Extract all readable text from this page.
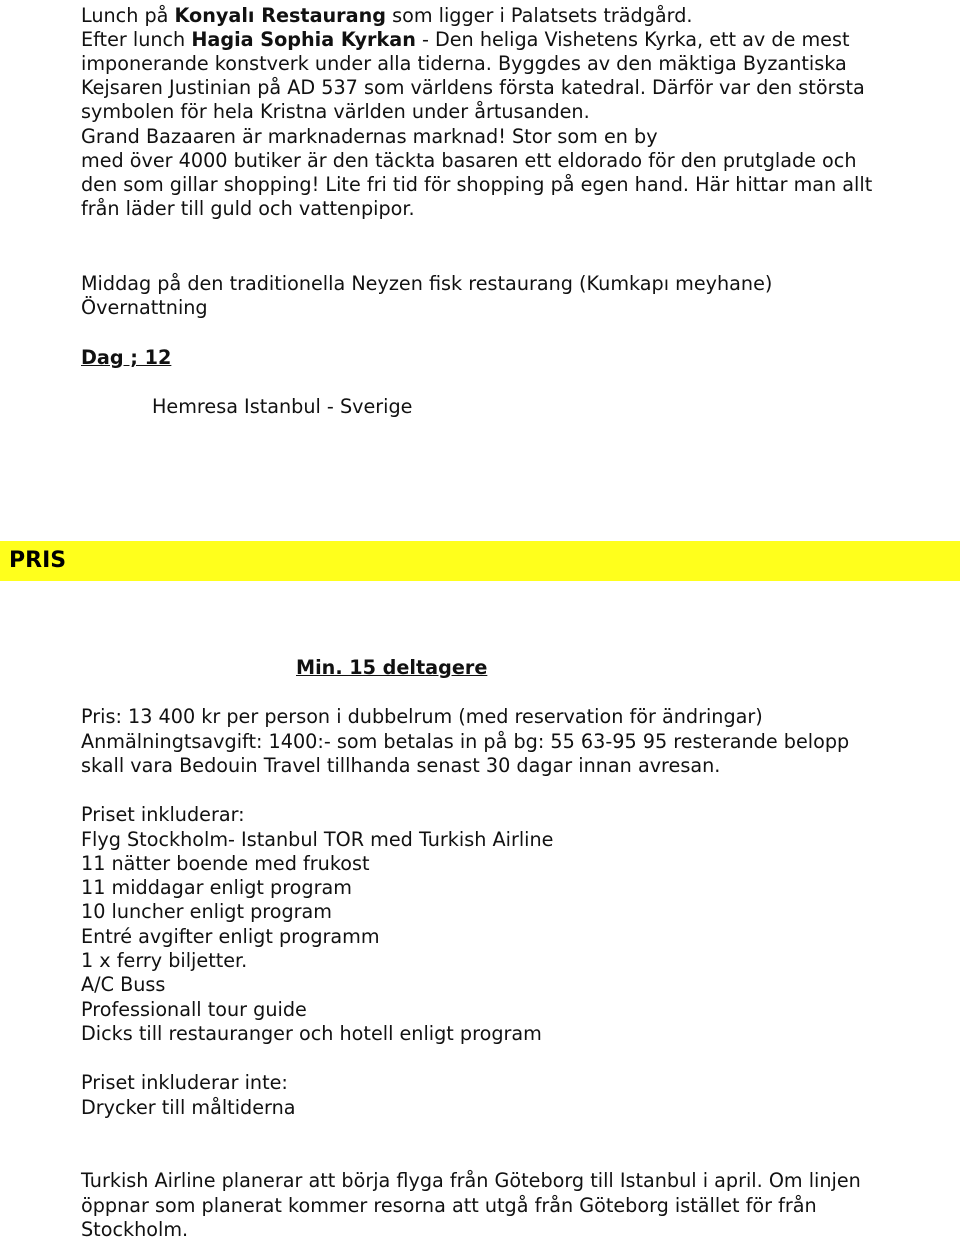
Lunch på Konyalı Restaurang som ligger i Palatsets trädgård.
Efter lunch Hagia Sophia Kyrkan - Den heliga Vishetens Kyrka, ett av de mest
imponerande konstverk under alla tiderna. Byggdes av den mäktiga Byzantiska
Kejsaren Justinian på AD 537 som världens första katedral. Därför var den största
symbolen för hela Kristna världen under årtusanden.
Grand Bazaaren är marknadernas marknad! Stor som en by
med över 4000 butiker är den täckta basaren ett eldorado för den prutglade och
den som gillar shopping! Lite fri tid för shopping på egen hand. Här hittar man allt
från läder till guld och vattenpipor.
Middag på den traditionella Neyzen fisk restaurang (Kumkapı meyhane)
Övernattning
Dag ; 12
Hemresa Istanbul - Sverige
PRIS
Min. 15 deltagere
Pris: 13 400 kr per person i dubbelrum (med reservation för ändringar)
Anmälningtsavgift: 1400:- som betalas in på bg: 55 63-95 95 resterande belopp
skall vara Bedouin Travel tillhanda senast 30 dagar innan avresan.
Priset inkluderar:
Flyg Stockholm- Istanbul TOR med Turkish Airline
11 nätter boende med frukost
11 middagar enligt program
10 luncher enligt program
Entré avgifter enligt programm
1 x ferry biljetter.
A/C Buss
Professionall tour guide
Dicks till restauranger och hotell enligt program
Priset inkluderar inte:
Drycker till måltiderna
Turkish Airline planerar att börja flyga från Göteborg till Istanbul i april. Om linjen
öppnar som planerat kommer resorna att utgå från Göteborg istället för från
Stockholm.
